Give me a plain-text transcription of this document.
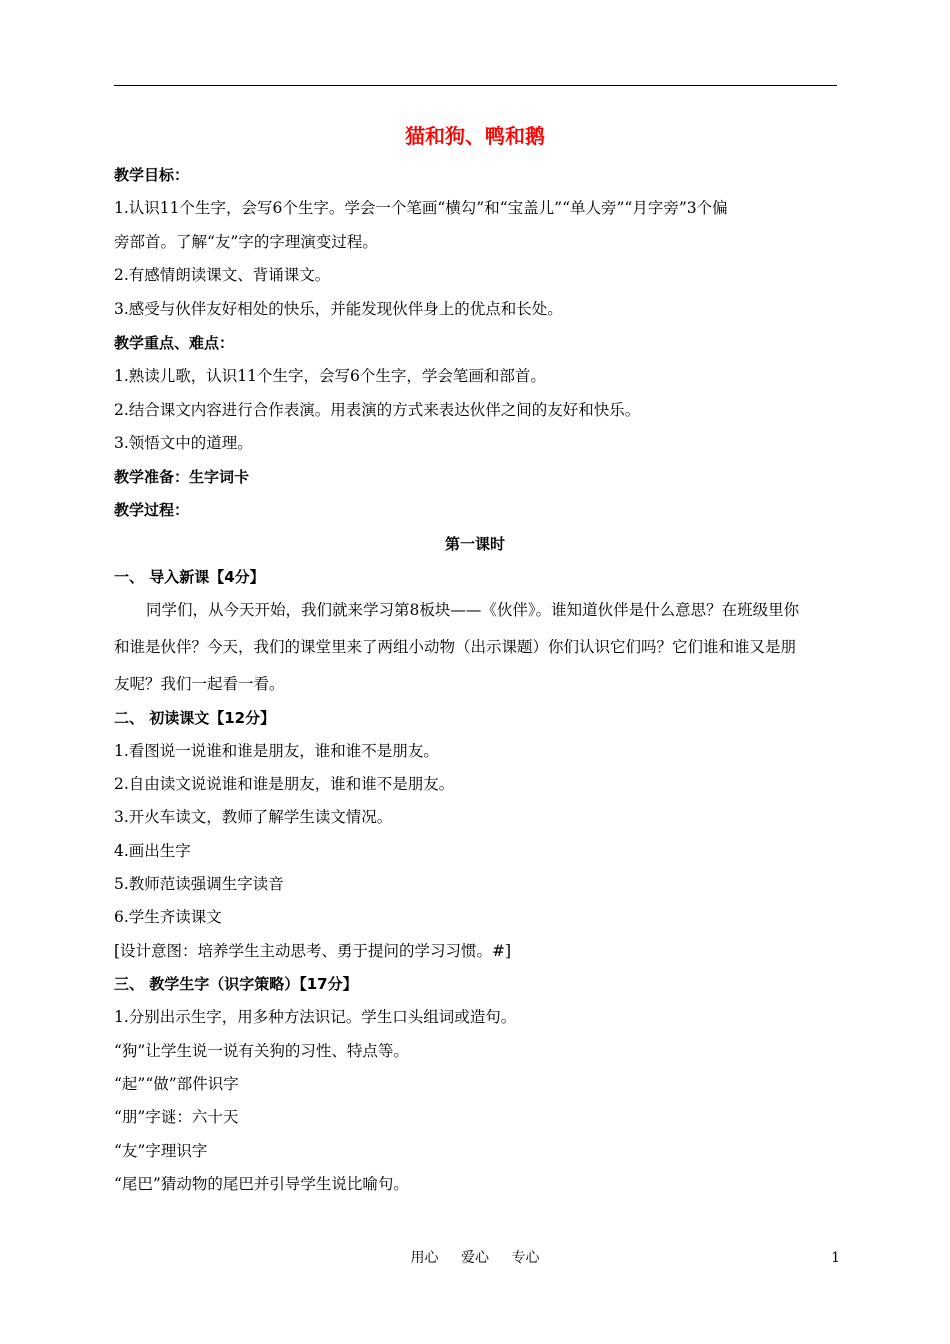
猫和狗、鸭和鹅
教学目标：
1.认识11个生字，会写6个生字。学会一个笔画“横勾”和“宝盖儿”“单人旁”“月字旁”3个偏
旁部首。了解“友”字的字理演变过程。
2.有感情朗读课文、背诵课文。
3.感受与伙伴友好相处的快乐，并能发现伙伴身上的优点和长处。
教学重点、难点：
1.熟读儿歌，认识11个生字，会写6个生字，学会笔画和部首。
2.结合课文内容进行合作表演。用表演的方式来表达伙伴之间的友好和快乐。
3.领悟文中的道理。
教学准备：生字词卡
教学过程：
第一课时
一、 导入新课【4分】
同学们，从今天开始，我们就来学习第8板块——《伙伴》。谁知道伙伴是什么意思？在班级里你
和谁是伙伴？今天，我们的课堂里来了两组小动物（出示课题）你们认识它们吗？它们谁和谁又是朋
友呢？我们一起看一看。
二、 初读课文【12分】
1.看图说一说谁和谁是朋友，谁和谁不是朋友。
2.自由读文说说谁和谁是朋友，谁和谁不是朋友。
3.开火车读文，教师了解学生读文情况。
4.画出生字
5.教师范读强调生字读音
6.学生齐读课文
[设计意图：培养学生主动思考、勇于提问的学习习惯。#]
三、 教学生字（识字策略）【17分】
1.分别出示生字，用多种方法识记。学生口头组词或造句。
“狗”让学生说一说有关狗的习性、特点等。
“起”“做”部件识字
“朋”字谜：六十天
“友”字理识字
“尾巴”猜动物的尾巴并引导学生说比喻句。
用心 爱心 专心	1
